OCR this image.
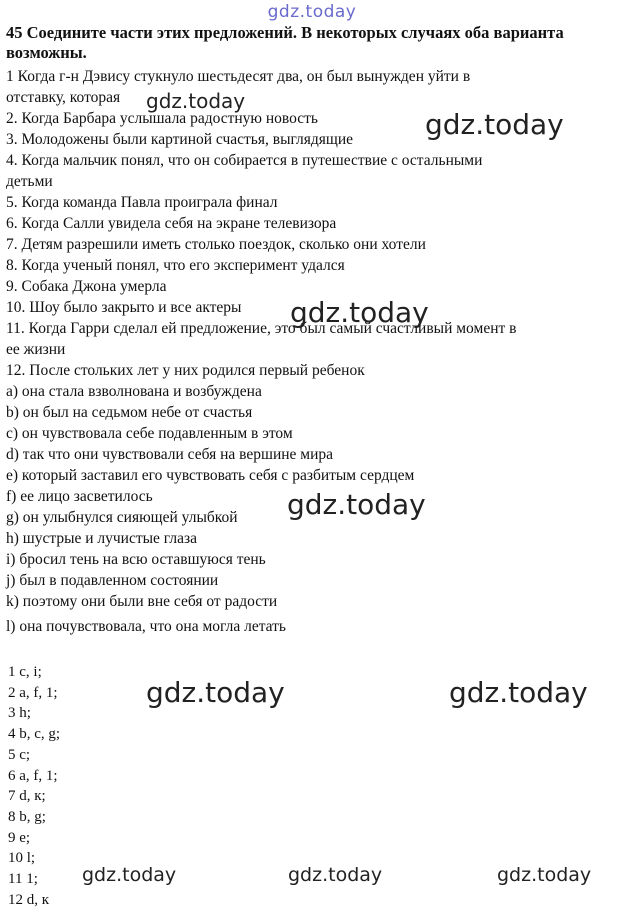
gdz.today
45 Соедините части этих предложений. В некоторых случаях оба варианта возможны.
1 Когда г-н Дэвису стукнуло шестьдесят два, он был вынужден уйти в
отставку, которая
2. Когда Барбара услышала радостную новость
3. Молодожены были картиной счастья, выглядящие
4. Когда мальчик понял, что он собирается в путешествие с остальными
детьми
5. Когда команда Павла проиграла финал
6. Когда Салли увидела себя на экране телевизора
7. Детям разрешили иметь столько поездок, сколько они хотели
8. Когда ученый понял, что его эксперимент удался
9. Собака Джона умерла
10. Шоу было закрыто и все актеры
11. Когда Гарри сделал ей предложение, это был самый счастливый момент в
ее жизни
12. После стольких лет у них родился первый ребенок
a) она стала взволнована и возбуждена
b) он был на седьмом небе от счастья
c) он чувствовала себе подавленным в этом
d) так что они чувствовали себя на вершине мира
e) который заставил его чувствовать себя с разбитым сердцем
f) ее лицо засветилось
g) он улыбнулся сияющей улыбкой
h) шустрые и лучистые глаза
i) бросил тень на всю оставшуюся тень
j) был в подавленном состоянии
k) поэтому они были вне себя от радости
l) она почувствовала, что она могла летать
1 c, i;
2 a, f, 1;
3 h;
4 b, c, g;
5 c;
6 a, f, 1;
7 d, к;
8 b, g;
9 e;
10 l;
11 1;
12 d, к
gdz.today
gdz.today
gdz.today
gdz.today
gdz.today	gdz.today
gdz.today	gdz.today	gdz.today
